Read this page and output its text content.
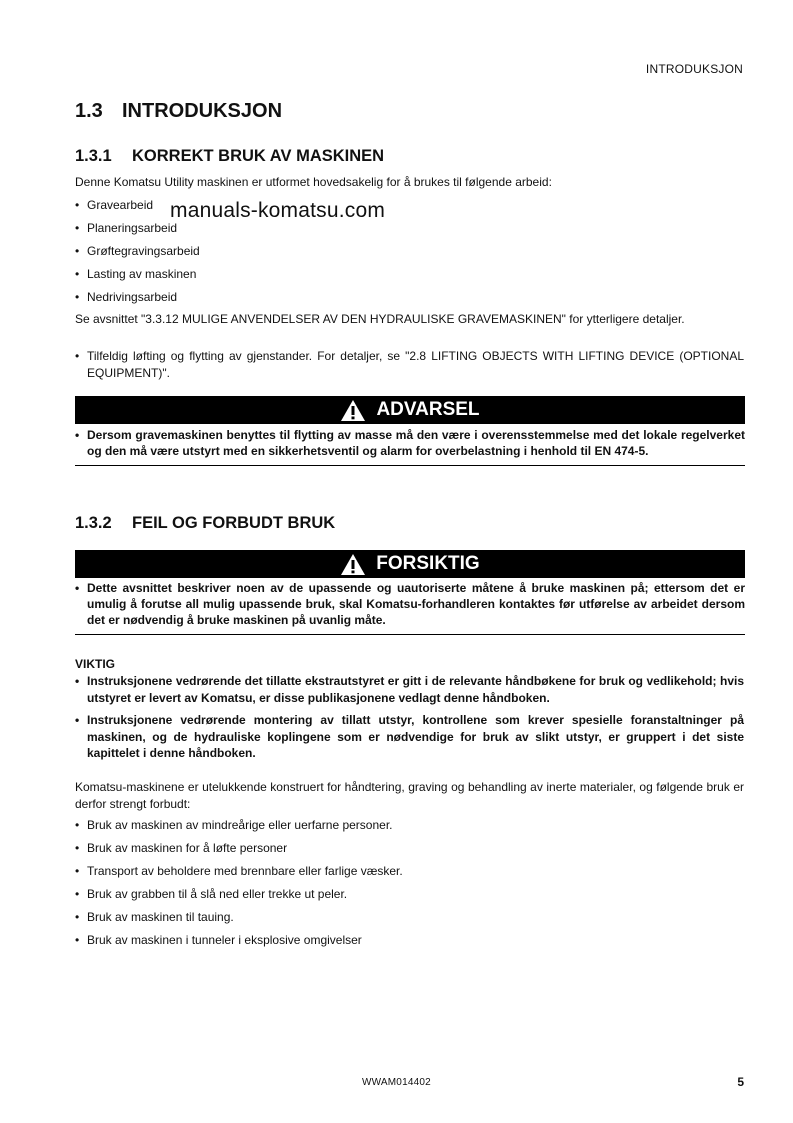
INTRODUKSJON
1.3 INTRODUKSJON
1.3.1 KORREKT BRUK AV MASKINEN

Denne Komatsu Utility maskinen er utformet hovedsakelig for å brukes til følgende arbeid:

• Gravearbeid
• Planeringsarbeid
• Grøftegravingsarbeid
• Lasting av maskinen
• Nedrivingsarbeid
manuals-komatsu.com

Se avsnittet "3.3.12 MULIGE ANVENDELSER AV DEN HYDRAULISKE GRAVEMASKINEN" for ytterligere detaljer.

• Tilfeldig løfting og flytting av gjenstander. For detaljer, se "2.8 LIFTING OBJECTS WITH LIFTING DEVICE (OPTIONAL EQUIPMENT)".
ADVARSEL
• Dersom gravemaskinen benyttes til flytting av masse må den være i overensstemmelse med det lokale regelverket og den må være utstyrt med en sikkerhetsventil og alarm for overbelastning i henhold til EN 474-5.
1.3.2 FEIL OG FORBUDT BRUK
FORSIKTIG
• Dette avsnittet beskriver noen av de upassende og uautoriserte måtene å bruke maskinen på; ettersom det er umulig å forutse all mulig upassende bruk, skal Komatsu-forhandleren kontaktes før utførelse av arbeidet dersom det er nødvendig å bruke maskinen på uvanlig måte.

VIKTIG

• Instruksjonene vedrørende det tillatte ekstrautstyret er gitt i de relevante håndbøkene for bruk og vedlikehold; hvis utstyret er levert av Komatsu, er disse publikasjonene vedlagt denne håndboken.
• Instruksjonene vedrørende montering av tillatt utstyr, kontrollene som krever spesielle foranstaltninger på maskinen, og de hydrauliske koplingene som er nødvendige for bruk av slikt utstyr, er gruppert i det siste kapittelet i denne håndboken.

Komatsu-maskinene er utelukkende konstruert for håndtering, graving og behandling av inerte materialer, og følgende bruk er derfor strengt forbudt:

• Bruk av maskinen av mindreårige eller uerfarne personer.
• Bruk av maskinen for å løfte personer
• Transport av beholdere med brennbare eller farlige væsker.
• Bruk av grabben til å slå ned eller trekke ut peler.
• Bruk av maskinen til tauing.
• Bruk av maskinen i tunneler i eksplosive omgivelser
WWAM014402	5
